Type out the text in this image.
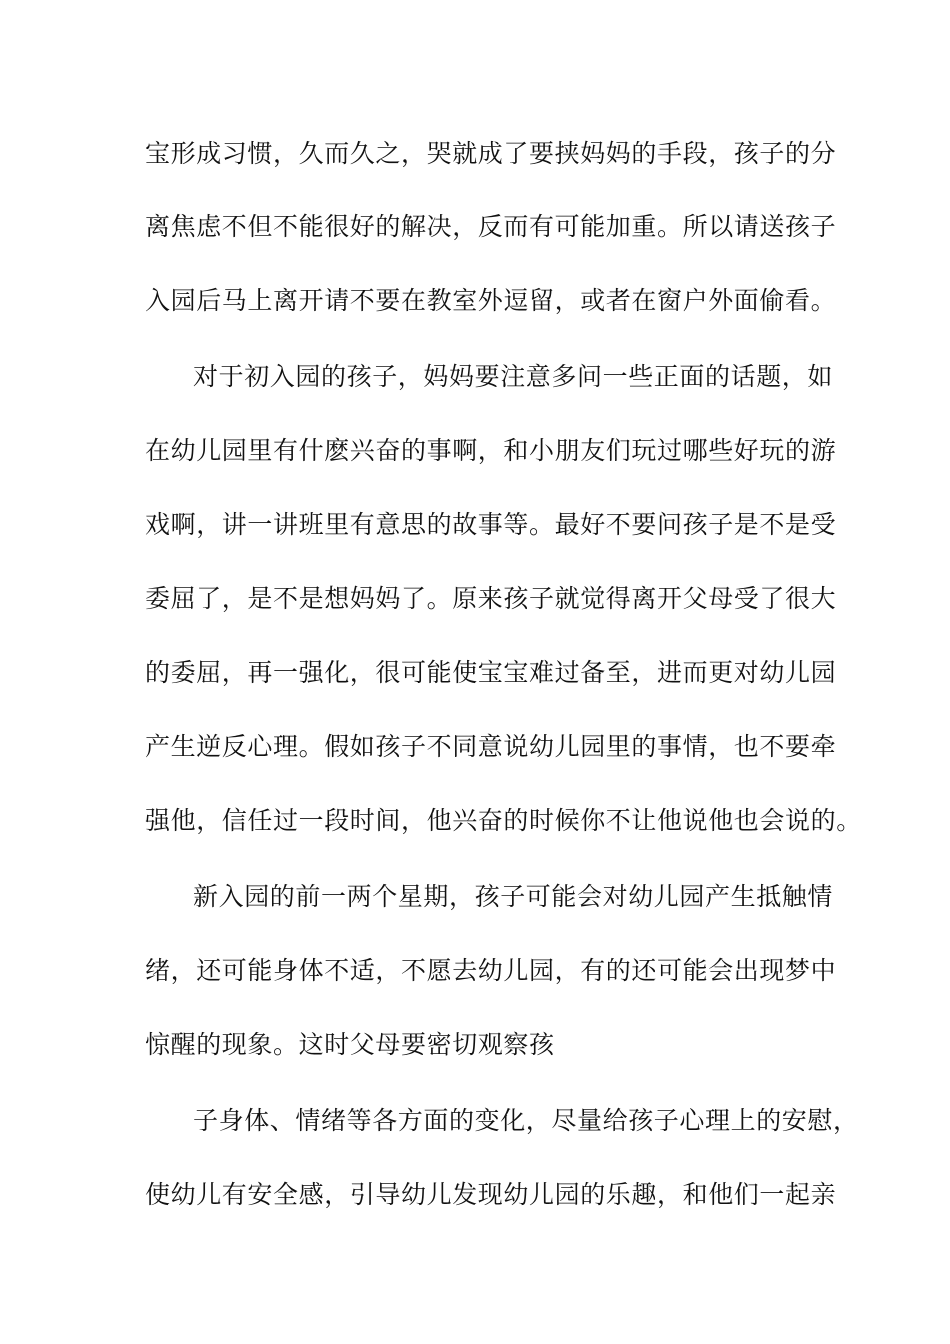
宝形成习惯，久而久之，哭就成了要挟妈妈的手段，孩子的分
离焦虑不但不能很好的解决，反而有可能加重。所以请送孩子
入园后马上离开请不要在教室外逗留，或者在窗户外面偷看。
对于初入园的孩子，妈妈要注意多问一些正面的话题，如
在幼儿园里有什麽兴奋的事啊，和小朋友们玩过哪些好玩的游
戏啊，讲一讲班里有意思的故事等。最好不要问孩子是不是受
委屈了，是不是想妈妈了。原来孩子就觉得离开父母受了很大
的委屈，再一强化，很可能使宝宝难过备至，进而更对幼儿园
产生逆反心理。假如孩子不同意说幼儿园里的事情，也不要牵
强他，信任过一段时间，他兴奋的时候你不让他说他也会说的。
新入园的前一两个星期，孩子可能会对幼儿园产生抵触情
绪，还可能身体不适，不愿去幼儿园，有的还可能会出现梦中
惊醒的现象。这时父母要密切观察孩
子身体、情绪等各方面的变化，尽量给孩子心理上的安慰，
使幼儿有安全感，引导幼儿发现幼儿园的乐趣，和他们一起亲
